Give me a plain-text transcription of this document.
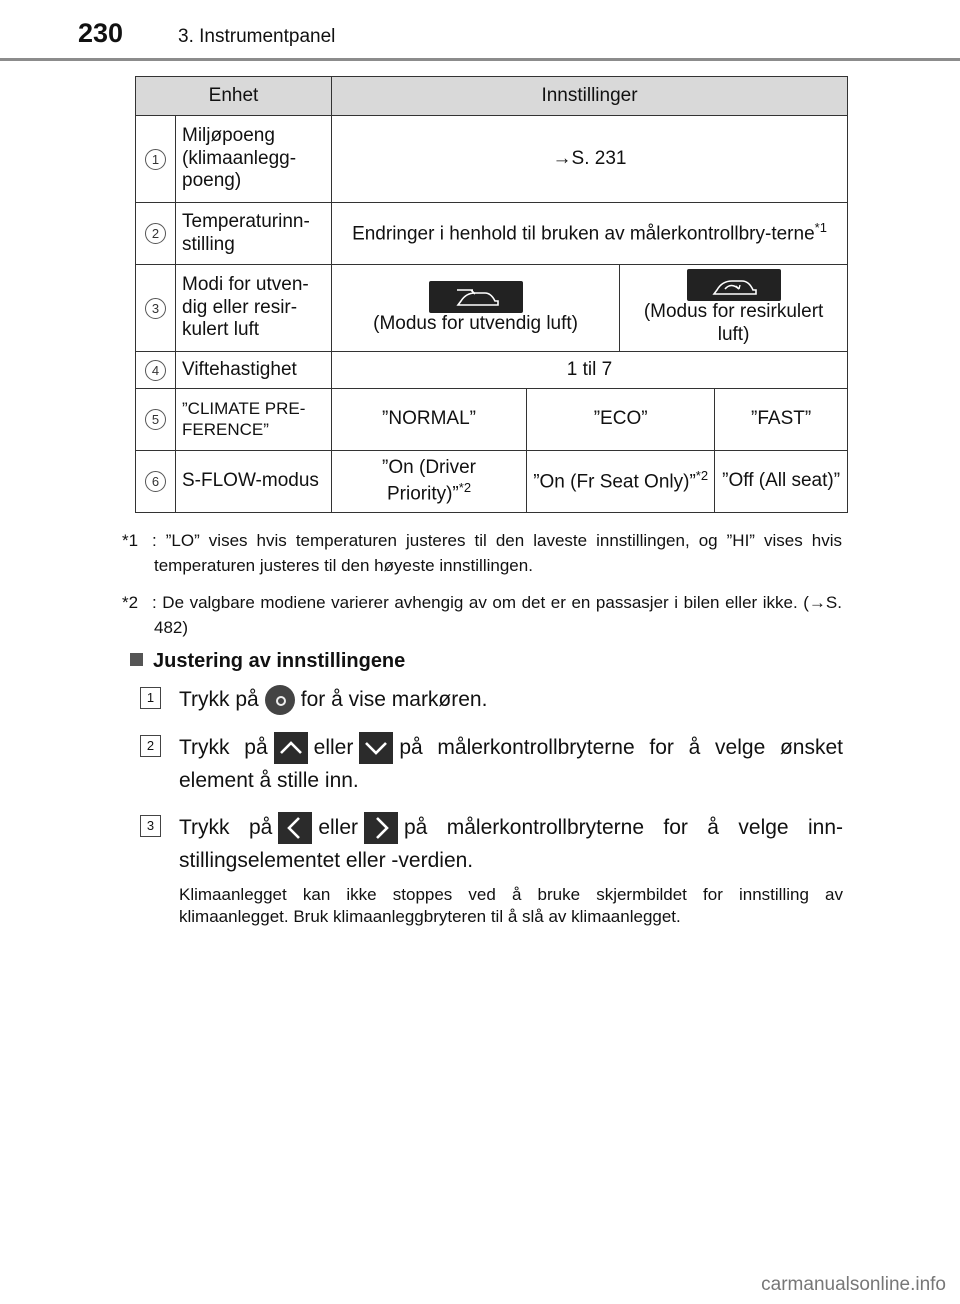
230	3. Instrumentpanel
Enhet		Innstillinger			
1	Miljøpoeng (klimaanlegg-poeng)	→S. 231			
2	Temperaturinn-stilling	Endringer i henhold til bruken av målerkontrollbry-terne$^{*1}$
3	Modi for utven-dig eller resir-kulert luft	(Modus for utvendig luft)		(Modus for resirkulert luft)	
4	Viftehastighet	1 til 7			
5	”CLIMATE PRE-FERENCE”	”NORMAL”	”ECO”		”FAST”
6	S-FLOW-modus	”On (Driver Priority)”$^{*2}$	”On (Fr Seat Only)”$^{*2}$		”Off (All seat)”
*1 : ”LO” vises hvis temperaturen justeres til den laveste innstillingen, og ”HI” vises hvis temperaturen justeres til den høyeste innstillingen.
*2 : De valgbare modiene varierer avhengig av om det er en passasjer i bilen eller ikke. (→S. 482)
Justering av innstillingene
1	Trykk på for å vise markøren.
2	Trykk på eller på målerkontrollbryterne for å velge ønsket element å stille inn.
3	Trykk på eller på målerkontrollbryterne for å velge inn-stillingselementet eller -verdien.
Klimaanlegget kan ikke stoppes ved å bruke skjermbildet for innstilling av klimaanlegget. Bruk klimaanleggbryteren til å slå av klimaanlegget.
carmanualsonline.info
